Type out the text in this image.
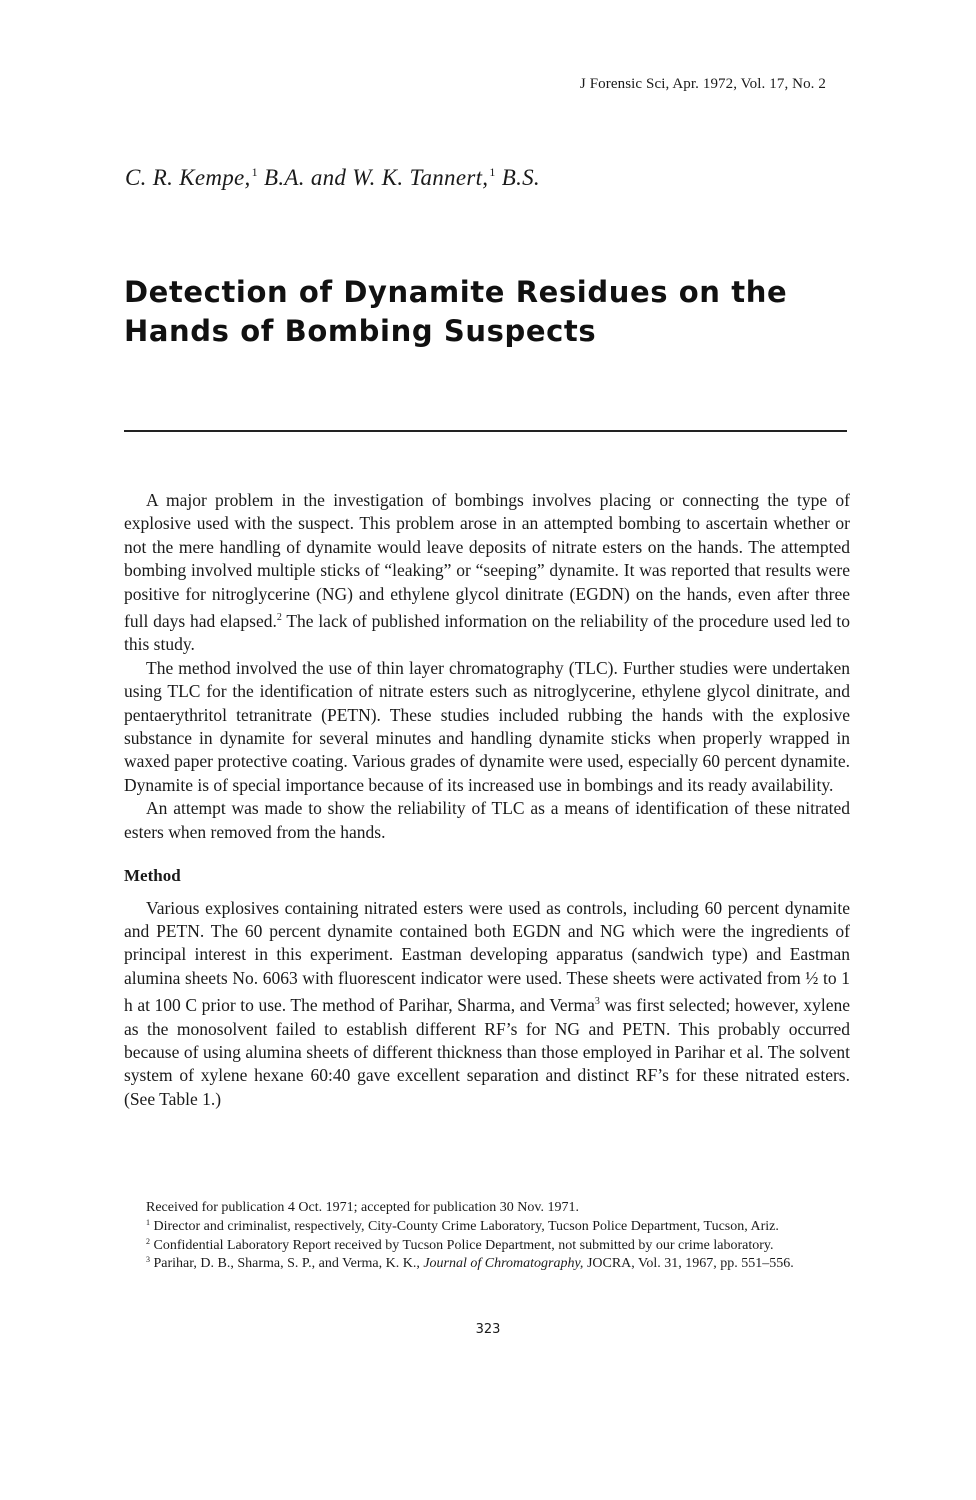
J Forensic Sci, Apr. 1972, Vol. 17, No. 2
C. R. Kempe,$^1$ B.A. and W. K. Tannert,$^1$ B.S.
Detection of Dynamite Residues on the
Hands of Bombing Suspects

A major problem in the investigation of bombings involves placing or connecting the type of explosive used with the suspect. This problem arose in an attempted bombing to ascertain whether or not the mere handling of dynamite would leave deposits of nitrate esters on the hands. The attempted bombing involved multiple sticks of “leaking” or “seeping” dynamite. It was reported that results were positive for nitroglycerine (NG) and ethylene glycol dinitrate (EGDN) on the hands, even after three full days had elapsed.$^2$ The lack of published information on the reliability of the procedure used led to this study.

The method involved the use of thin layer chromatography (TLC). Further studies were undertaken using TLC for the identification of nitrate esters such as nitroglycerine, ethylene glycol dinitrate, and pentaerythritol tetranitrate (PETN). These studies included rubbing the hands with the explosive substance in dynamite for several minutes and handling dynamite sticks when properly wrapped in waxed paper protective coating. Various grades of dynamite were used, especially 60 percent dynamite. Dynamite is of special importance because of its increased use in bombings and its ready availability.

An attempt was made to show the reliability of TLC as a means of identification of these nitrated esters when removed from the hands.

Method

Various explosives containing nitrated esters were used as controls, including 60 percent dynamite and PETN. The 60 percent dynamite contained both EGDN and NG which were the ingredients of principal interest in this experiment. Eastman developing apparatus (sandwich type) and Eastman alumina sheets No. 6063 with fluorescent indicator were used. These sheets were activated from ½ to 1 h at 100 C prior to use. The method of Parihar, Sharma, and Verma$^3$ was first selected; however, xylene as the monosolvent failed to establish different RF’s for NG and PETN. This probably occurred because of using alumina sheets of different thickness than those employed in Parihar et al. The solvent system of xylene hexane 60:40 gave excellent separation and distinct RF’s for these nitrated esters. (See Table 1.)

Received for publication 4 Oct. 1971; accepted for publication 30 Nov. 1971.

$^1$ Director and criminalist, respectively, City-County Crime Laboratory, Tucson Police Department, Tucson, Ariz.

$^2$ Confidential Laboratory Report received by Tucson Police Department, not submitted by our crime laboratory.

$^3$ Parihar, D. B., Sharma, S. P., and Verma, K. K., Journal of Chromatography, JOCRA, Vol. 31, 1967, pp. 551–556.

323
